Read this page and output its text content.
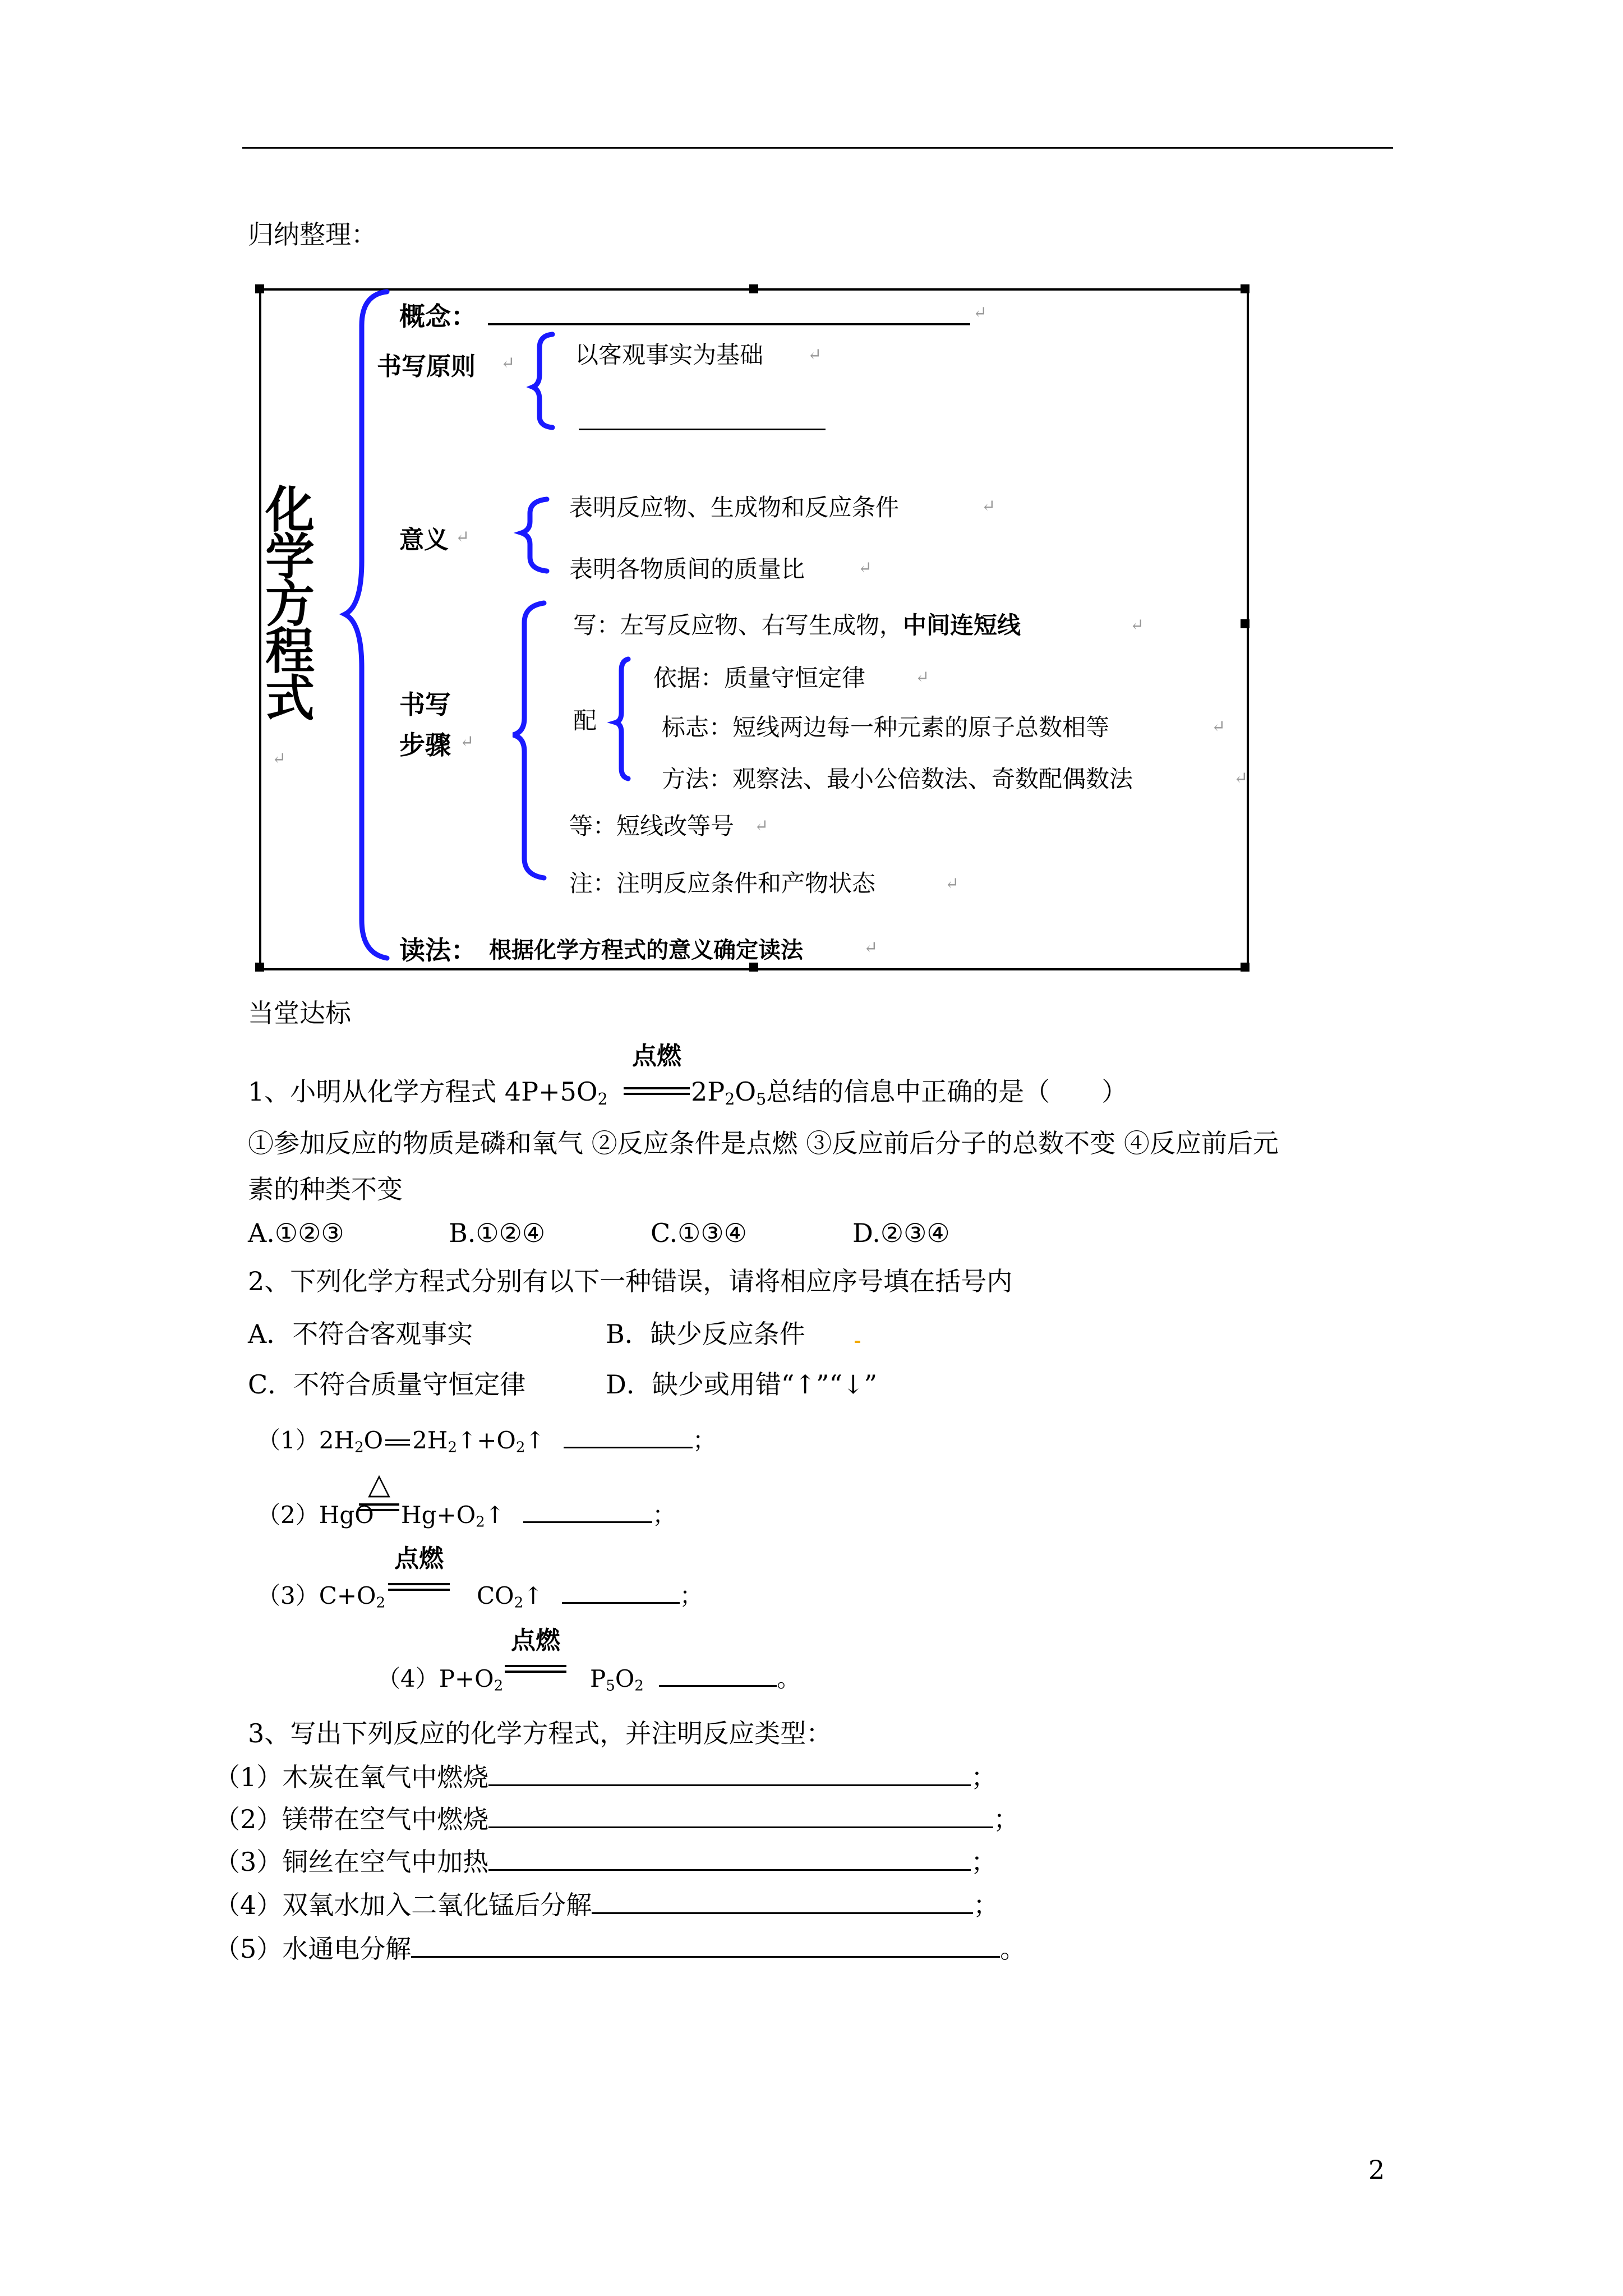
归纳整理：
化学方程式
↵
概念：	↵
书写原则 ↵	以客观事实为基础	↵
意义 ↵
表明反应物、生成物和反应条件	↵
表明各物质间的质量比	↵
书写
步骤 ↵
写：左写反应物、右写生成物，中间连短线	↵
配
依据：质量守恒定律	↵
标志：短线两边每一种元素的原子总数相等	↵
方法：观察法、最小公倍数法、奇数配偶数法	↵
等：短线改等号 ↵
注：注明反应条件和产物状态	↵
读法： 根据化学方程式的意义确定读法	↵
当堂达标
1、小明从化学方程式 $4P+5O_2$
点燃
$2P_2O_5$总结的信息中正确的是（　　）
①参加反应的物质是磷和氧气 ②反应条件是点燃 ③反应前后分子的总数不变 ④反应前后元
素的种类不变
A.①②③	B.①②④	C.①③④	D.②③④
2、下列化学方程式分别有以下一种错误，请将相应序号填在括号内
A．不符合客观事实	B．缺少反应条件
C．不符合质量守恒定律	D．缺少或用错“↑”“↓”
$(1)2H_2O$ $2H_2↑+O_2↑$	；
（2）HgO
△
$Hg+O_2↑$	；
$(3)C+O_2$
点燃
$CO_2↑$	；
$(4)P+O_2$
点燃
$P_5O_2$	。
3、写出下列反应的化学方程式，并注明反应类型：
（1）木炭在氧气中燃烧	；
（2）镁带在空气中燃烧	；
（3）铜丝在空气中加热	；
（4）双氧水加入二氧化锰后分解	；
（5）水通电分解	。
2
